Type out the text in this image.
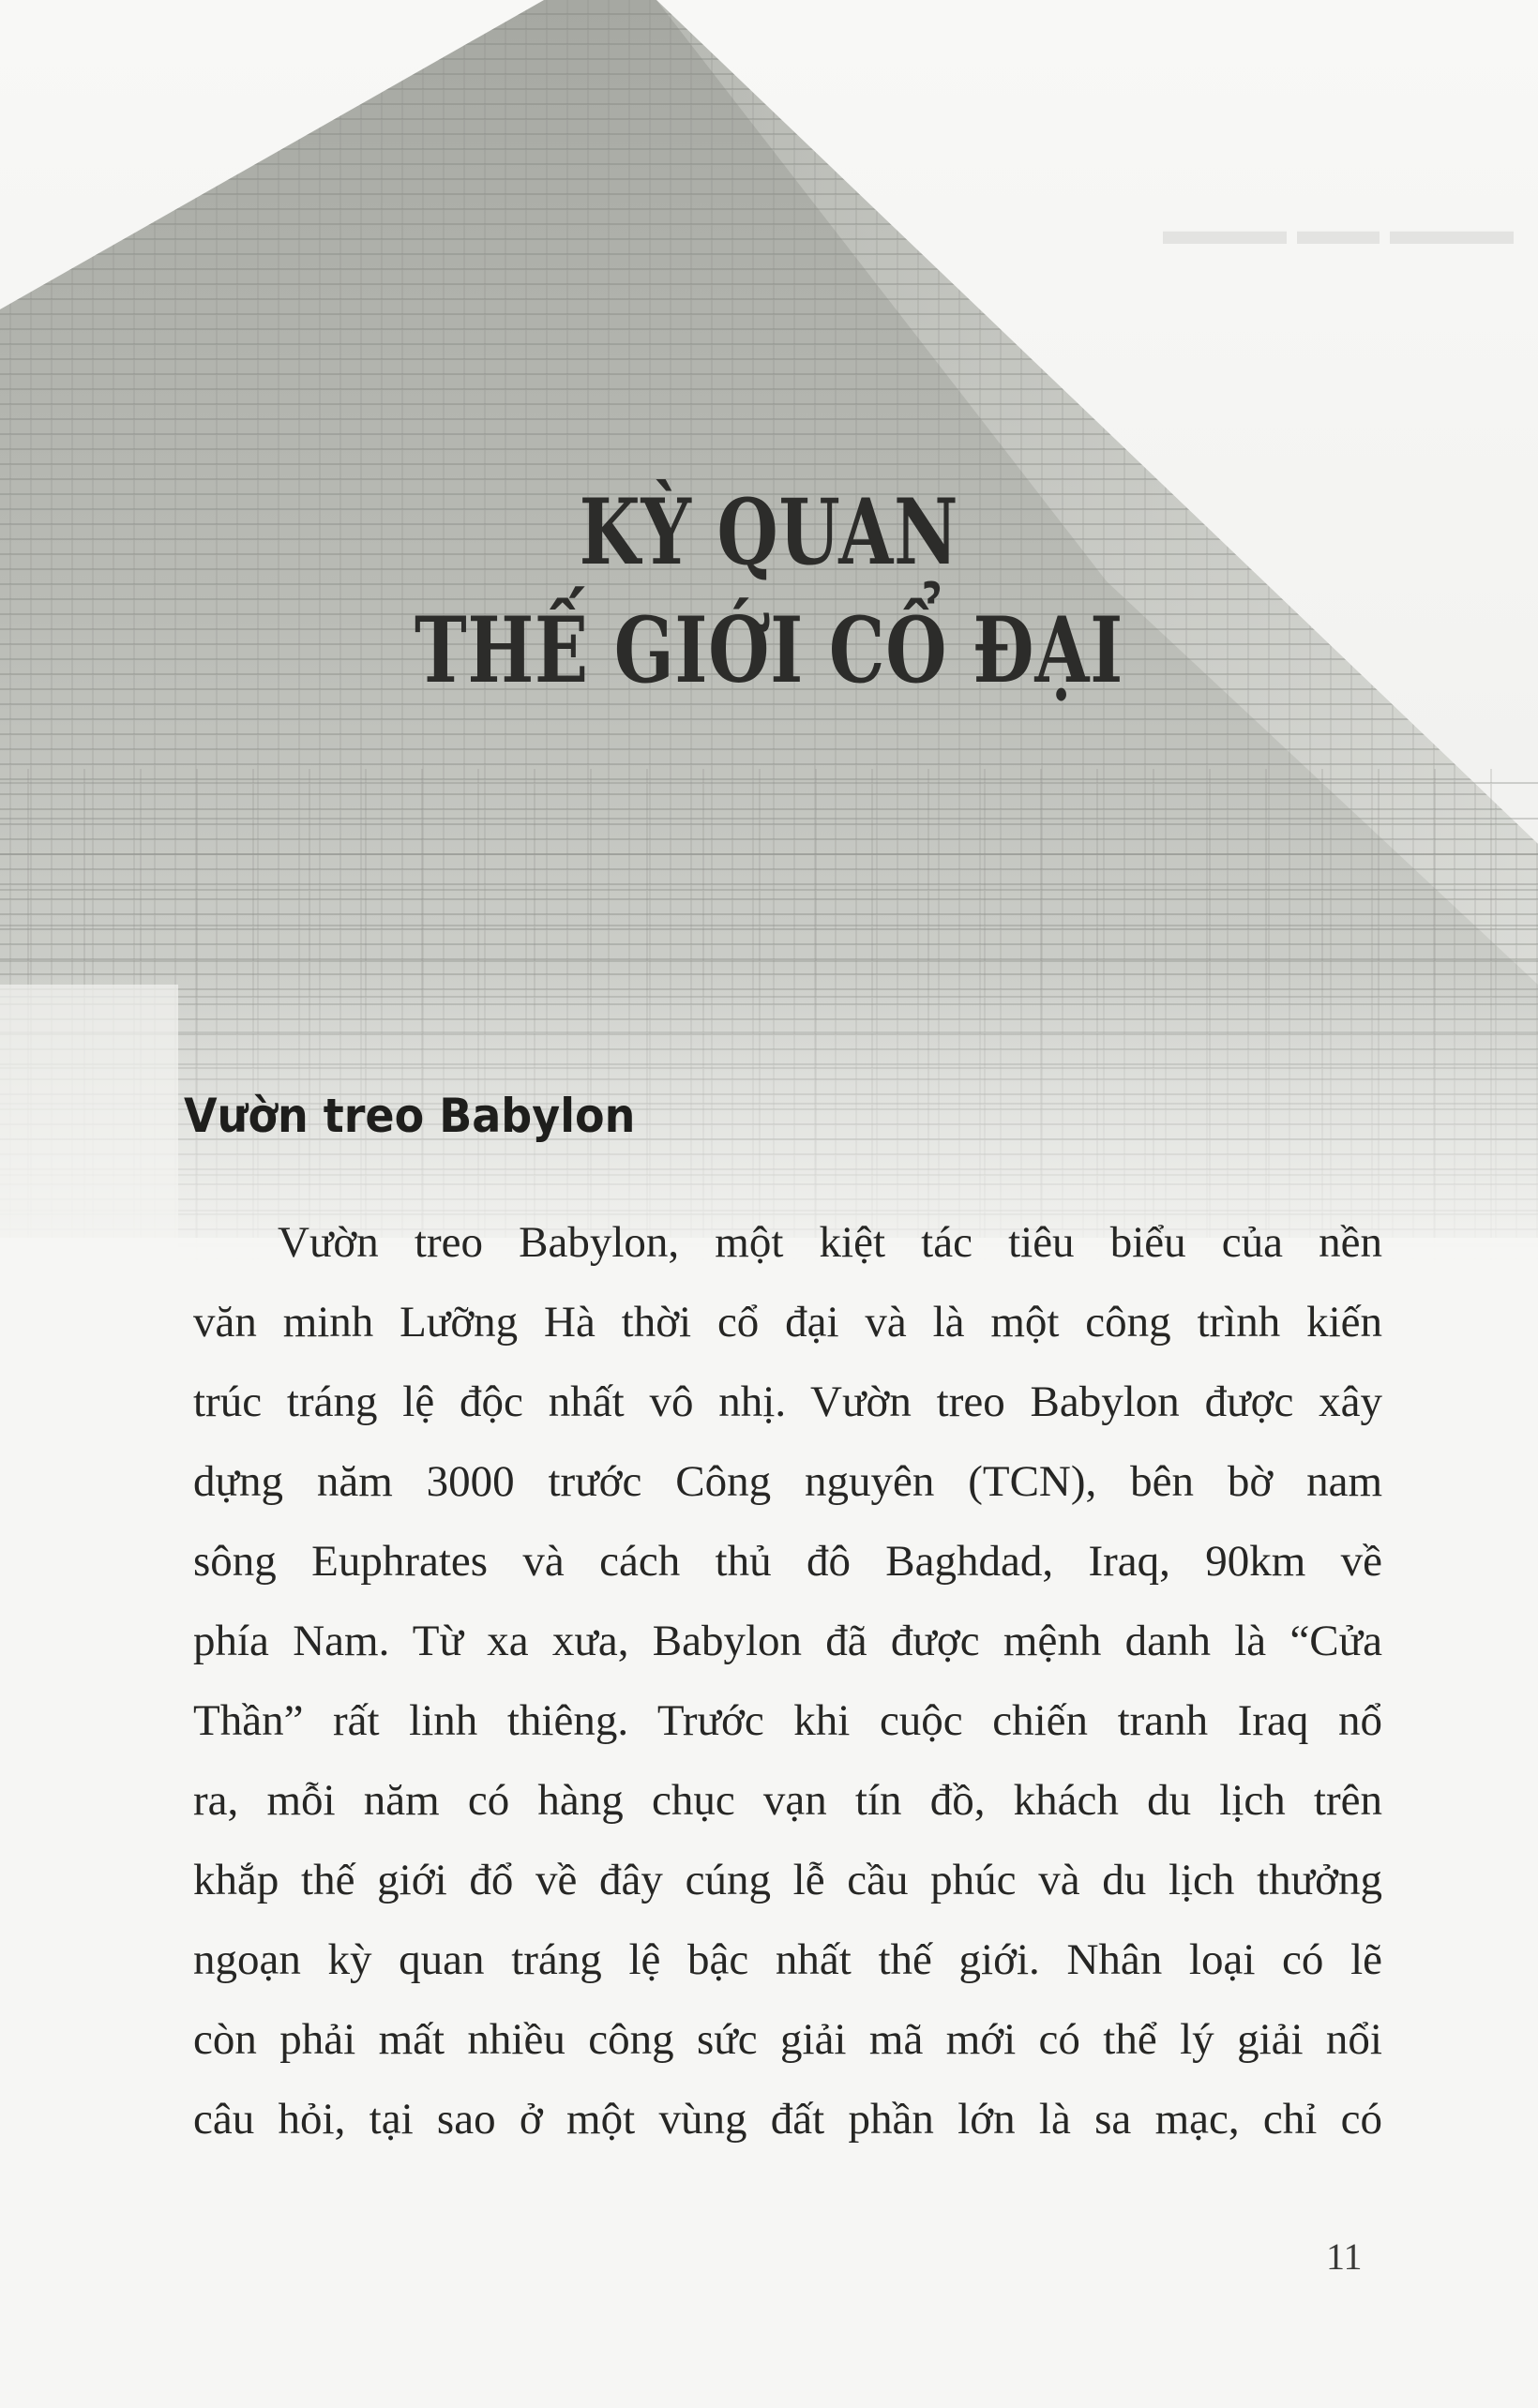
▬▬▬ ▬▬ ▬▬▬
KỲ QUAN
THẾ GIỚI CỔ ĐẠI
Vườn treo Babylon
Vườn treo Babylon, một kiệt tác tiêu biểu của nền
văn minh Lưỡng Hà thời cổ đại và là một công trình kiến
trúc tráng lệ độc nhất vô nhị. Vườn treo Babylon được xây
dựng năm 3000 trước Công nguyên (TCN), bên bờ nam
sông Euphrates và cách thủ đô Baghdad, Iraq, 90km về
phía Nam. Từ xa xưa, Babylon đã được mệnh danh là “Cửa
Thần” rất linh thiêng. Trước khi cuộc chiến tranh Iraq nổ
ra, mỗi năm có hàng chục vạn tín đồ, khách du lịch trên
khắp thế giới đổ về đây cúng lễ cầu phúc và du lịch thưởng
ngoạn kỳ quan tráng lệ bậc nhất thế giới. Nhân loại có lẽ
còn phải mất nhiều công sức giải mã mới có thể lý giải nổi
câu hỏi, tại sao ở một vùng đất phần lớn là sa mạc, chỉ có
11
